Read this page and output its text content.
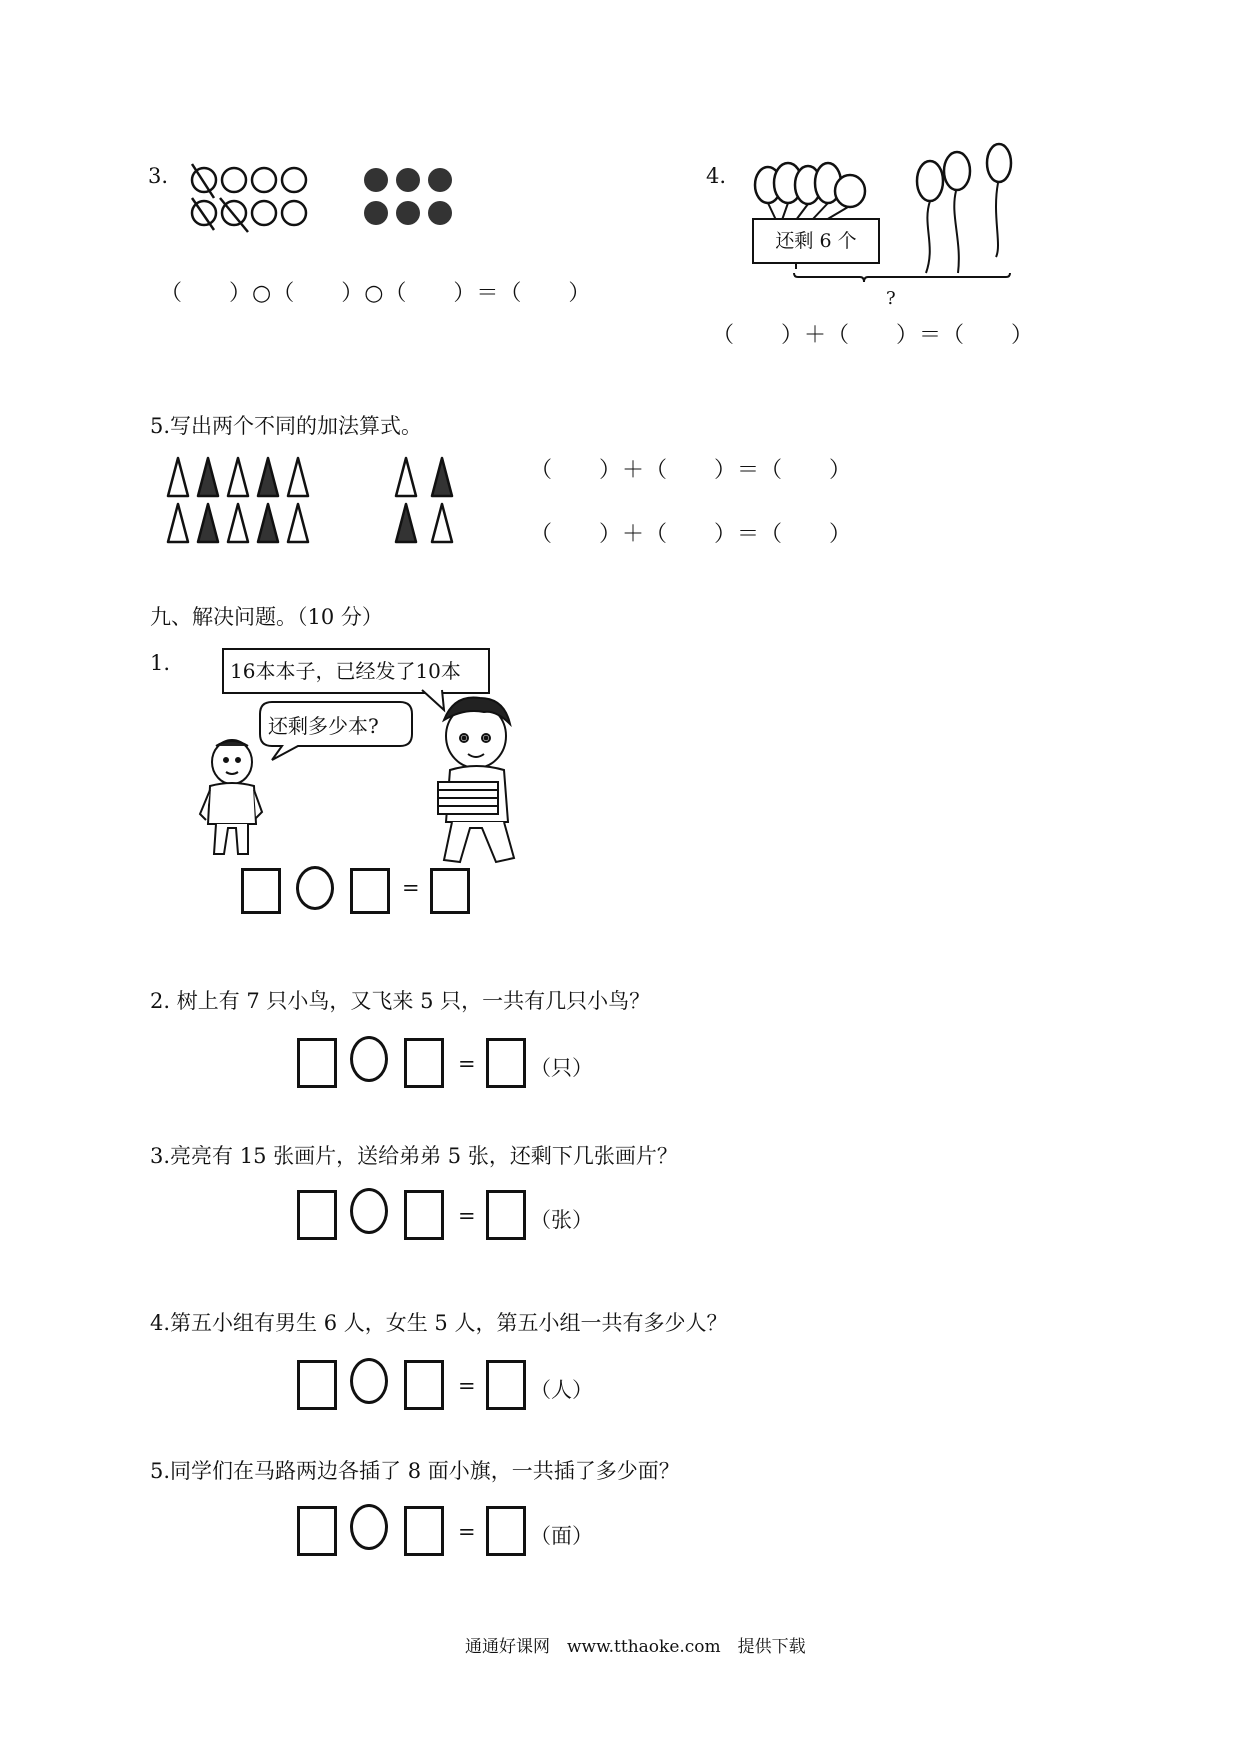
3.
（　　）○（　　）○（　　）＝（　　）
4.
还剩 6 个
?
（　　）＋（　　）＝（　　）
5.写出两个不同的加法算式。
（　　）＋（　　）＝（　　）
（　　）＋（　　）＝（　　）
九、解决问题。（10 分）
1.	16本本子，已经发了10本
还剩多少本?
=
2. 树上有 7 只小鸟，又飞来 5 只，一共有几只小鸟？
=	（只）
3.亮亮有 15 张画片，送给弟弟 5 张，还剩下几张画片？
=	（张）
4.第五小组有男生 6 人，女生 5 人，第五小组一共有多少人？
=	（人）
5.同学们在马路两边各插了 8 面小旗，一共插了多少面？
=	（面）
通通好课网　www.tthaoke.com　提供下载
